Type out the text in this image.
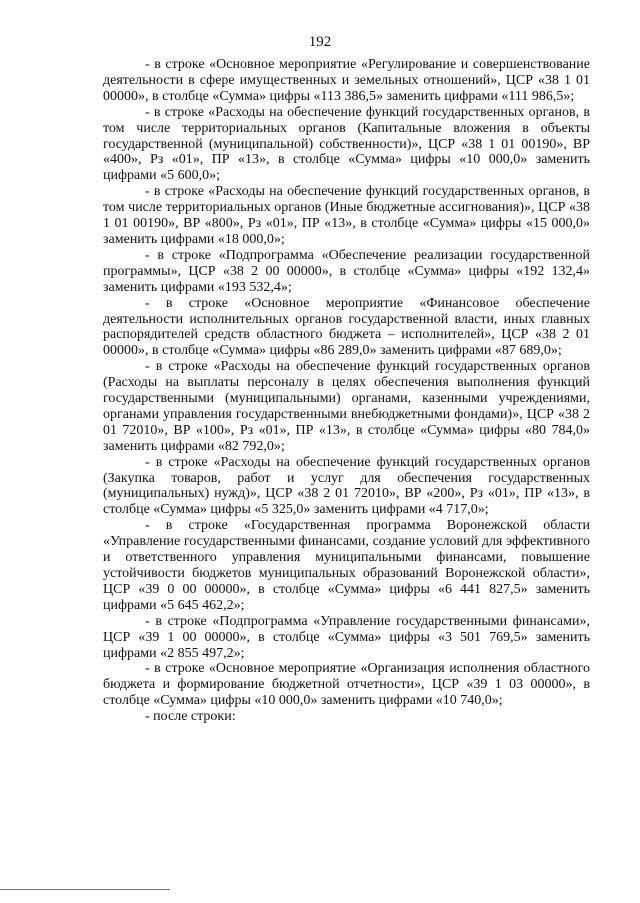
192

- в строке «Основное мероприятие «Регулирование и совершенствование деятельности в сфере имущественных и земельных отношений», ЦСР «38 1 01 00000», в столбце «Сумма» цифры «113 386,5» заменить цифрами «111 986,5»;

- в строке «Расходы на обеспечение функций государственных органов, в том числе территориальных органов (Капитальные вложения в объекты государственной (муниципальной) собственности)», ЦСР «38 1 01 00190», ВР «400», Рз «01», ПР «13», в столбце «Сумма» цифры «10 000,0» заменить цифрами «5 600,0»;

- в строке «Расходы на обеспечение функций государственных органов, в том числе территориальных органов (Иные бюджетные ассигнования)», ЦСР «38 1 01 00190», ВР «800», Рз «01», ПР «13», в столбце «Сумма» цифры «15 000,0» заменить цифрами «18 000,0»;

- в строке «Подпрограмма «Обеспечение реализации государственной программы», ЦСР «38 2 00 00000», в столбце «Сумма» цифры «192 132,4» заменить цифрами «193 532,4»;

- в строке «Основное мероприятие «Финансовое обеспечение деятельности исполнительных органов государственной власти, иных главных распорядителей средств областного бюджета – исполнителей», ЦСР «38 2 01 00000», в столбце «Сумма» цифры «86 289,0» заменить цифрами «87 689,0»;

- в строке «Расходы на обеспечение функций государственных органов (Расходы на выплаты персоналу в целях обеспечения выполнения функций государственными (муниципальными) органами, казенными учреждениями, органами управления государственными внебюджетными фондами)», ЦСР «38 2 01 72010», ВР «100», Рз «01», ПР «13», в столбце «Сумма» цифры «80 784,0» заменить цифрами «82 792,0»;

- в строке «Расходы на обеспечение функций государственных органов (Закупка товаров, работ и услуг для обеспечения государственных (муниципальных) нужд)», ЦСР «38 2 01 72010», ВР «200», Рз «01», ПР «13», в столбце «Сумма» цифры «5 325,0» заменить цифрами «4 717,0»;

- в строке «Государственная программа Воронежской области «Управление государственными финансами, создание условий для эффективного и ответственного управления муниципальными финансами, повышение устойчивости бюджетов муниципальных образований Воронежской области», ЦСР «39 0 00 00000», в столбце «Сумма» цифры «6 441 827,5» заменить цифрами «5 645 462,2»;

- в строке «Подпрограмма «Управление государственными финансами», ЦСР «39 1 00 00000», в столбце «Сумма» цифры «3 501 769,5» заменить цифрами «2 855 497,2»;

- в строке «Основное мероприятие «Организация исполнения областного бюджета и формирование бюджетной отчетности», ЦСР «39 1 03 00000», в столбце «Сумма» цифры «10 000,0» заменить цифрами «10 740,0»;

- после строки:
